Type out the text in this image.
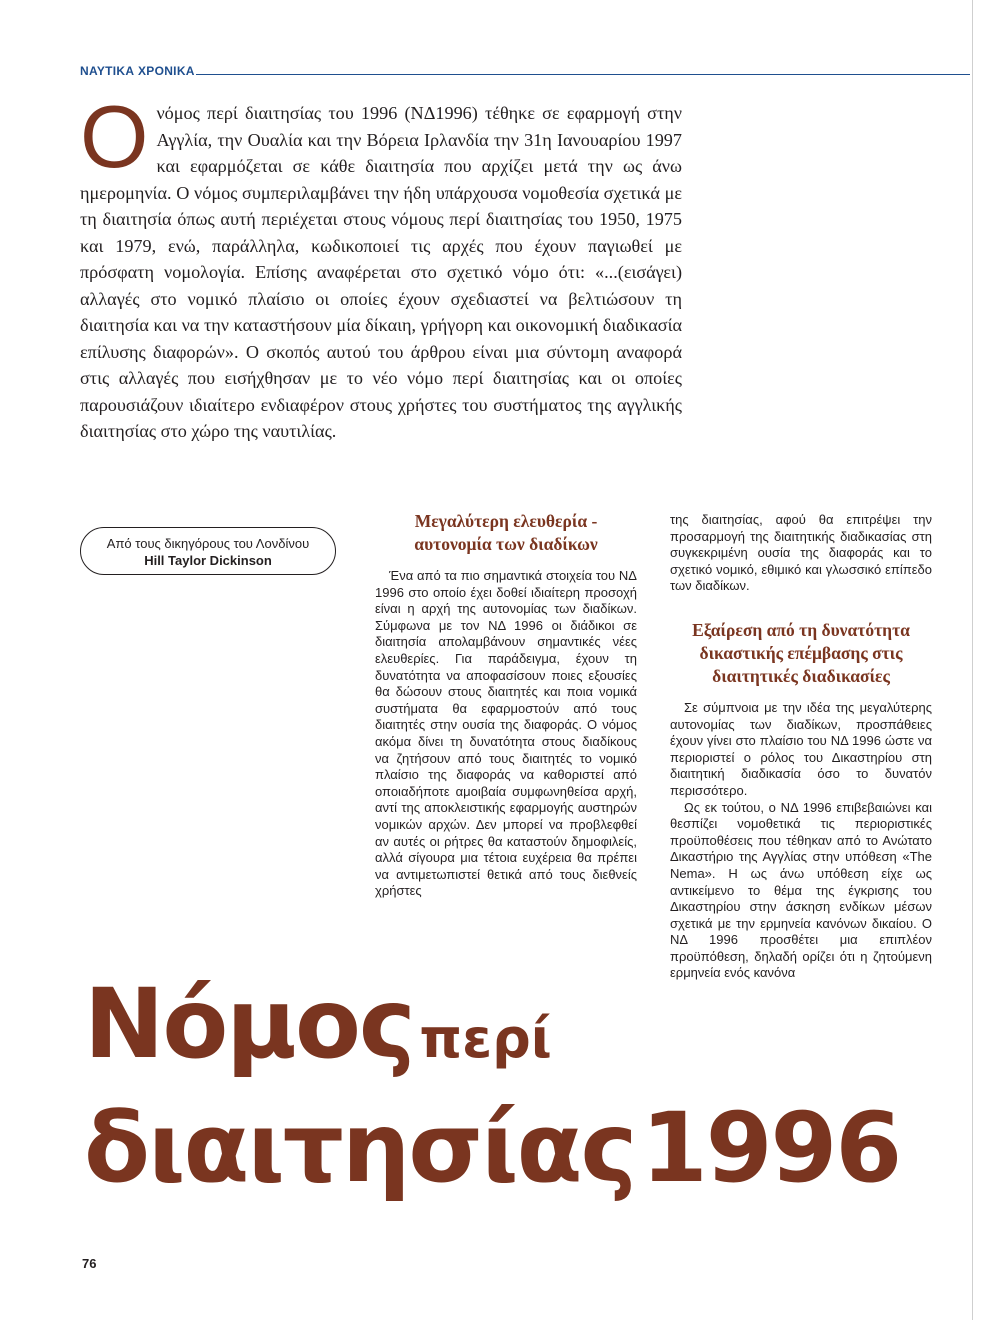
ΝΑΥΤΙΚΑ ΧΡΟΝΙΚΑ
Ο νόμος περί διαιτησίας του 1996 (ΝΔ1996) τέθηκε σε εφαρμογή στην Αγγλία, την Ουαλία και την Βόρεια Ιρλανδία την 31η Ιανουαρίου 1997 και εφαρμόζεται σε κάθε διαιτησία που αρχίζει μετά την ως άνω ημερομηνία. Ο νόμος συμπεριλαμβάνει την ήδη υπάρχουσα νομοθεσία σχετικά με τη διαιτησία όπως αυτή περιέχεται στους νόμους περί διαιτησίας του 1950, 1975 και 1979, ενώ, παράλληλα, κωδικοποιεί τις αρχές που έχουν παγιωθεί με πρόσφατη νομολογία. Επίσης αναφέρεται στο σχετικό νόμο ότι: «...(εισάγει) αλλαγές στο νομικό πλαίσιο οι οποίες έχουν σχεδιαστεί να βελτιώσουν τη διαιτησία και να την καταστήσουν μία δίκαιη, γρήγορη και οικονομική διαδικασία επίλυσης διαφορών». Ο σκοπός αυτού του άρθρου είναι μια σύντομη αναφορά στις αλλαγές που εισήχθησαν με το νέο νόμο περί διαιτησίας και οι οποίες παρουσιάζουν ιδιαίτερο ενδιαφέρον στους χρήστες του συστήματος της αγγλικής διαιτησίας στο χώρο της ναυτιλίας.
Από τους δικηγόρους του Λονδίνου
Hill Taylor Dickinson
Μεγαλύτερη ελευθερία - αυτονομία των διαδίκων

Ένα από τα πιο σημαντικά στοιχεία του ΝΔ 1996 στο οποίο έχει δοθεί ιδιαίτερη προσοχή είναι η αρχή της αυτονομίας των διαδίκων. Σύμφωνα με τον ΝΔ 1996 οι διάδικοι σε διαιτησία απολαμβάνουν σημαντικές νέες ελευθερίες. Για παράδειγμα, έχουν τη δυνατότητα να αποφασίσουν ποιες εξουσίες θα δώσουν στους διαιτητές και ποια νομικά συστήματα θα εφαρμοστούν από τους διαιτητές στην ουσία της διαφοράς. Ο νόμος ακόμα δίνει τη δυνατότητα στους διαδίκους να ζητήσουν από τους διαιτητές το νομικό πλαίσιο της διαφοράς να καθοριστεί από οποιαδήποτε αμοιβαία συμφωνηθείσα αρχή, αντί της αποκλειστικής εφαρμογής αυστηρών νομικών αρχών. Δεν μπορεί να προβλεφθεί αν αυτές οι ρήτρες θα καταστούν δημοφιλείς, αλλά σίγουρα μια τέτοια ευχέρεια θα πρέπει να αντιμετωπιστεί θετικά από τους διεθνείς χρήστες

της διαιτησίας, αφού θα επιτρέψει την προσαρμογή της διαιτητικής διαδικασίας στη συγκεκριμένη ουσία της διαφοράς και το σχετικό νομικό, εθιμικό και γλωσσικό επίπεδο των διαδίκων.

Εξαίρεση από τη δυνατότητα δικαστικής επέμβασης στις διαιτητικές διαδικασίες

Σε σύμπνοια με την ιδέα της μεγαλύτερης αυτονομίας των διαδίκων, προσπάθειες έχουν γίνει στο πλαίσιο του ΝΔ 1996 ώστε να περιοριστεί ο ρόλος του Δικαστηρίου στη διαιτητική διαδικασία όσο το δυνατόν περισσότερο.

Ως εκ τούτου, ο ΝΔ 1996 επιβεβαιώνει και θεσπίζει νομοθετικά τις περιοριστικές προϋποθέσεις που τέθηκαν από το Ανώτατο Δικαστήριο της Αγγλίας στην υπόθεση «The Nema». Η ως άνω υπόθεση είχε ως αντικείμενο το θέμα της έγκρισης του Δικαστηρίου στην άσκηση ενδίκων μέσων σχετικά με την ερμηνεία κανόνων δικαίου. Ο ΝΔ 1996 προσθέτει μια επιπλέον προϋπόθεση, δηλαδή ορίζει ότι η ζητούμενη ερμηνεία ενός κανόνα

Νόμος περί
διαιτησίας 1996
76
